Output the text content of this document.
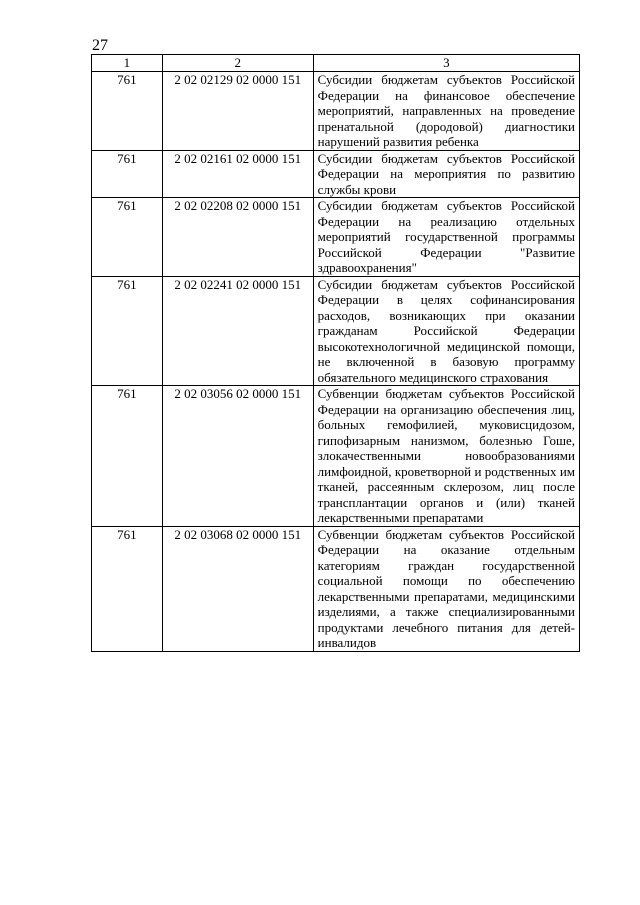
27
1	2	3
761	2 02 02129 02 0000 151	Субсидии бюджетам субъектов Российской Федерации на финансовое обеспечение мероприятий, направленных на проведение пренатальной (дородовой) диагностики нарушений развития ребенка
761	2 02 02161 02 0000 151	Субсидии бюджетам субъектов Российской Федерации на мероприятия по развитию службы крови
761	2 02 02208 02 0000 151	Субсидии бюджетам субъектов Российской Федерации на реализацию отдельных мероприятий государственной программы Российской Федерации "Развитие здравоохранения"
761	2 02 02241 02 0000 151	Субсидии бюджетам субъектов Российской Федерации в целях софинансирования расходов, возникающих при оказании гражданам Российской Федерации высокотехнологичной медицинской помощи, не включенной в базовую программу обязательного медицинского страхования
761	2 02 03056 02 0000 151	Субвенции бюджетам субъектов Российской Федерации на организацию обеспечения лиц, больных гемофилией, муковисцидозом, гипофизарным нанизмом, болезнью Гоше, злокачественными новообразованиями лимфоидной, кроветворной и родственных им тканей, рассеянным склерозом, лиц после трансплантации органов и (или) тканей лекарственными препаратами
761	2 02 03068 02 0000 151	Субвенции бюджетам субъектов Российской Федерации на оказание отдельным категориям граждан государственной социальной помощи по обеспечению лекарственными препаратами, медицинскими изделиями, а также специализированными продуктами лечебного питания для детей-инвалидов
